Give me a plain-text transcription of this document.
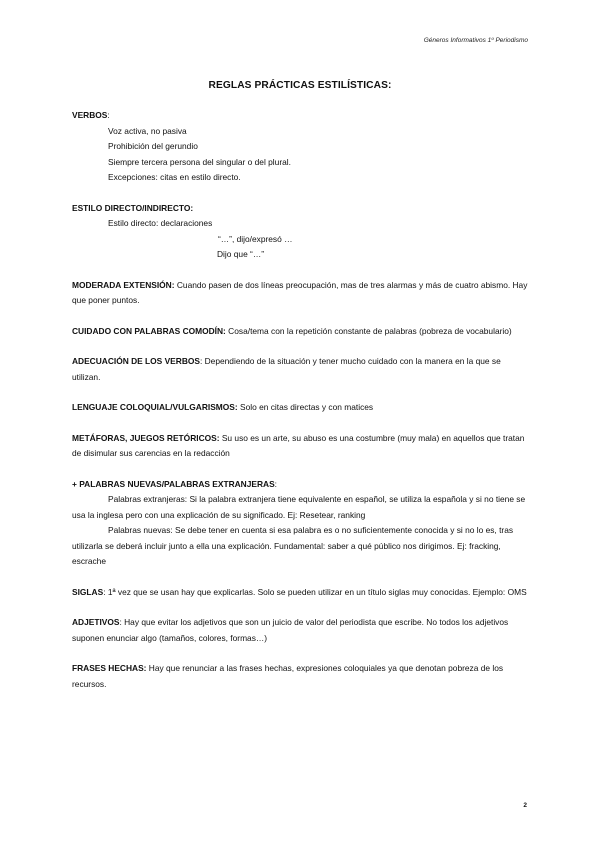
Géneros Informativos 1º Periodismo
REGLAS PRÁCTICAS ESTILÍSTICAS:
VERBOS:
Voz activa, no pasiva
Prohibición del gerundio
Siempre tercera persona del singular o del plural.
Excepciones: citas en estilo directo.
ESTILO DIRECTO/INDIRECTO:
Estilo directo: declaraciones
“…”, dijo/expresó …
Dijo que “…”
MODERADA EXTENSIÓN: Cuando pasen de dos líneas preocupación, mas de tres alarmas y más de cuatro abismo. Hay que poner puntos.
CUIDADO CON PALABRAS COMODÍN: Cosa/tema con la repetición constante de palabras (pobreza de vocabulario)
ADECUACIÓN DE LOS VERBOS: Dependiendo de la situación y tener mucho cuidado con la manera en la que se utilizan.
LENGUAJE COLOQUIAL/VULGARISMOS: Solo en citas directas y con matices
METÁFORAS, JUEGOS RETÓRICOS: Su uso es un arte, su abuso es una costumbre (muy mala) en aquellos que tratan de disimular sus carencias en la redacción
+ PALABRAS NUEVAS/PALABRAS EXTRANJERAS:
Palabras extranjeras: Si la palabra extranjera tiene equivalente en español, se utiliza la española y si no tiene se usa la inglesa pero con una explicación de su significado. Ej: Resetear, ranking
Palabras nuevas: Se debe tener en cuenta si esa palabra es o no suficientemente conocida y si no lo es, tras utilizarla se deberá incluir junto a ella una explicación. Fundamental: saber a qué público nos dirigimos. Ej: fracking, escrache
SIGLAS: 1ª vez que se usan hay que explicarlas. Solo se pueden utilizar en un título siglas muy conocidas. Ejemplo: OMS
ADJETIVOS: Hay que evitar los adjetivos que son un juicio de valor del periodista que escribe. No todos los adjetivos suponen enunciar algo (tamaños, colores, formas…)
FRASES HECHAS: Hay que renunciar a las frases hechas, expresiones coloquiales ya que denotan pobreza de los recursos.
2
